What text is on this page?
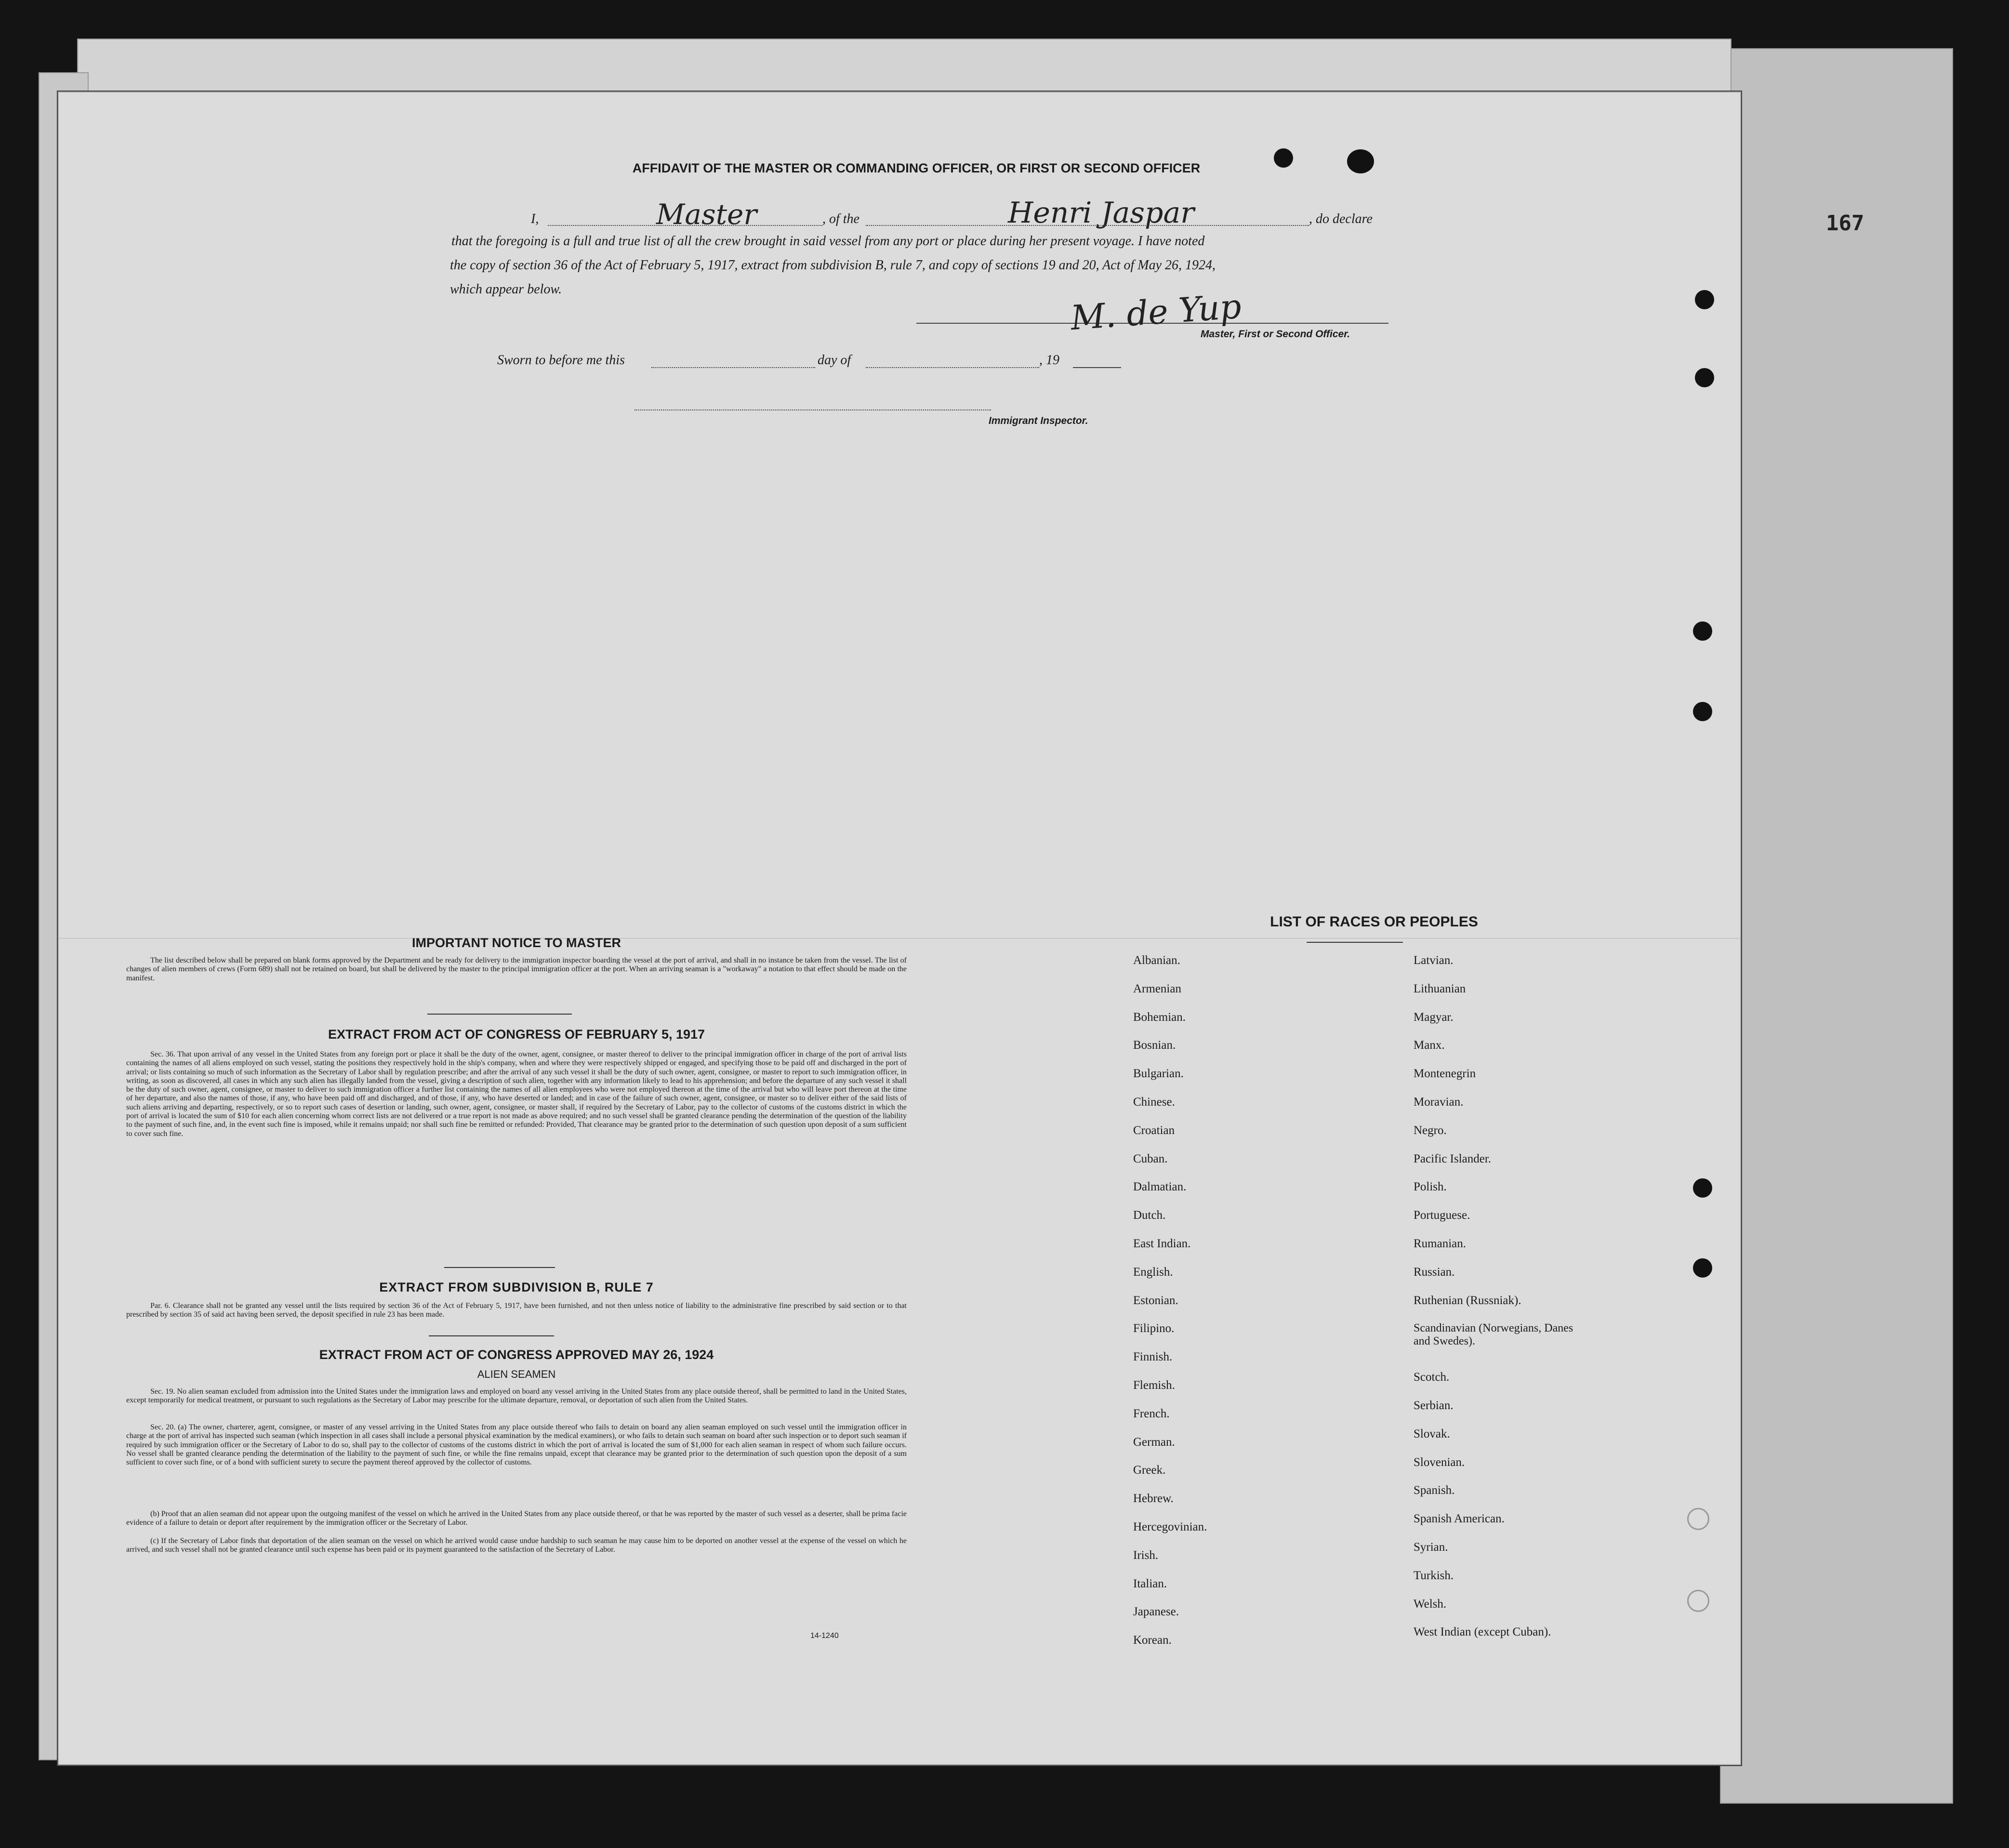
AFFIDAVIT OF THE MASTER OR COMMANDING OFFICER, OR FIRST OR SECOND OFFICER
I,	Master	, of the	Henri Jaspar	, do declare
that the foregoing is a full and true list of all the crew brought in said vessel from any port or place during her present voyage. I have noted
the copy of section 36 of the Act of February 5, 1917, extract from subdivision B, rule 7, and copy of sections 19 and 20, Act of May 26, 1924,
which appear below.	M. de Yup
Master, First or Second Officer.
Sworn to before me this	day of	, 19
Immigrant Inspector.
IMPORTANT NOTICE TO MASTER
The list described below shall be prepared on blank forms approved by the Department and be ready for delivery to the immigration inspector boarding the vessel at the port of arrival, and shall in no instance be taken from the vessel. The list of changes of alien members of crews (Form 689) shall not be retained on board, but shall be delivered by the master to the principal immigration officer at the port. When an arriving seaman is a "workaway" a notation to that effect should be made on the manifest.
EXTRACT FROM ACT OF CONGRESS OF FEBRUARY 5, 1917
Sec. 36. That upon arrival of any vessel in the United States from any foreign port or place it shall be the duty of the owner, agent, consignee, or master thereof to deliver to the principal immigration officer in charge of the port of arrival lists containing the names of all aliens employed on such vessel, stating the positions they respectively hold in the ship's company, when and where they were respectively shipped or engaged, and specifying those to be paid off and discharged in the port of arrival; or lists containing so much of such information as the Secretary of Labor shall by regulation prescribe; and after the arrival of any such vessel it shall be the duty of such owner, agent, consignee, or master to report to such immigration officer, in writing, as soon as discovered, all cases in which any such alien has illegally landed from the vessel, giving a description of such alien, together with any information likely to lead to his apprehension; and before the departure of any such vessel it shall be the duty of such owner, agent, consignee, or master to deliver to such immigration officer a further list containing the names of all alien employees who were not employed thereon at the time of the arrival but who will leave port thereon at the time of her departure, and also the names of those, if any, who have been paid off and discharged, and of those, if any, who have deserted or landed; and in case of the failure of such owner, agent, consignee, or master so to deliver either of the said lists of such aliens arriving and departing, respectively, or so to report such cases of desertion or landing, such owner, agent, consignee, or master shall, if required by the Secretary of Labor, pay to the collector of customs of the customs district in which the port of arrival is located the sum of $10 for each alien concerning whom correct lists are not delivered or a true report is not made as above required; and no such vessel shall be granted clearance pending the determination of the question of the liability to the payment of such fine, and, in the event such fine is imposed, while it remains unpaid; nor shall such fine be remitted or refunded: Provided, That clearance may be granted prior to the determination of such question upon deposit of a sum sufficient to cover such fine.
EXTRACT FROM SUBDIVISION B, RULE 7
Par. 6. Clearance shall not be granted any vessel until the lists required by section 36 of the Act of February 5, 1917, have been furnished, and not then unless notice of liability to the administrative fine prescribed by said section or to that prescribed by section 35 of said act having been served, the deposit specified in rule 23 has been made.
EXTRACT FROM ACT OF CONGRESS APPROVED MAY 26, 1924
ALIEN SEAMEN
Sec. 19. No alien seaman excluded from admission into the United States under the immigration laws and employed on board any vessel arriving in the United States from any place outside thereof, shall be permitted to land in the United States, except temporarily for medical treatment, or pursuant to such regulations as the Secretary of Labor may prescribe for the ultimate departure, removal, or deportation of such alien from the United States.
Sec. 20. (a) The owner, charterer, agent, consignee, or master of any vessel arriving in the United States from any place outside thereof who fails to detain on board any alien seaman employed on such vessel until the immigration officer in charge at the port of arrival has inspected such seaman (which inspection in all cases shall include a personal physical examination by the medical examiners), or who fails to detain such seaman on board after such inspection or to deport such seaman if required by such immigration officer or the Secretary of Labor to do so, shall pay to the collector of customs of the customs district in which the port of arrival is located the sum of $1,000 for each alien seaman in respect of whom such failure occurs. No vessel shall be granted clearance pending the determination of the liability to the payment of such fine, or while the fine remains unpaid, except that clearance may be granted prior to the determination of such question upon the deposit of a sum sufficient to cover such fine, or of a bond with sufficient surety to secure the payment thereof approved by the collector of customs.
(b) Proof that an alien seaman did not appear upon the outgoing manifest of the vessel on which he arrived in the United States from any place outside thereof, or that he was reported by the master of such vessel as a deserter, shall be prima facie evidence of a failure to detain or deport after requirement by the immigration officer or the Secretary of Labor.
(c) If the Secretary of Labor finds that deportation of the alien seaman on the vessel on which he arrived would cause undue hardship to such seaman he may cause him to be deported on another vessel at the expense of the vessel on which he arrived, and such vessel shall not be granted clearance until such expense has been paid or its payment guaranteed to the satisfaction of the Secretary of Labor.
14-1240
LIST OF RACES OR PEOPLES
Albanian.
Armenian
Bohemian.
Bosnian.
Bulgarian.
Chinese.
Croatian
Cuban.
Dalmatian.
Dutch.
East Indian.
English.
Estonian.
Filipino.
Finnish.
Flemish.
French.
German.
Greek.
Hebrew.
Hercegovinian.
Irish.
Italian.
Japanese.
Korean.
Latvian.
Lithuanian
Magyar.
Manx.
Montenegrin
Moravian.
Negro.
Pacific Islander.
Polish.
Portuguese.
Rumanian.
Russian.
Ruthenian (Russniak).
Scandinavian (Norwegians, Danes and Swedes).
Scotch.
Serbian.
Slovak.
Slovenian.
Spanish.
Spanish American.
Syrian.
Turkish.
Welsh.
West Indian (except Cuban).
167
